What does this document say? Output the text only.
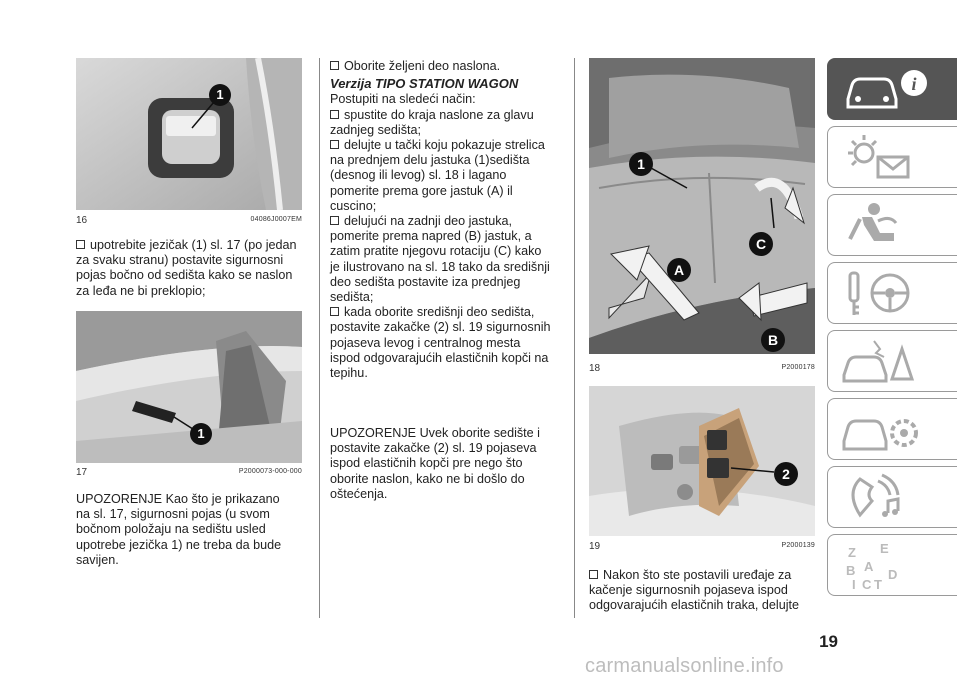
1
16	04086J0007EM
upotrebite jezičak (1) sl. 17 (po jedan
za svaku stranu) postavite sigurnosni
pojas bočno od sedišta kako se naslon
za leđa ne bi preklopio;
1
17	P2000073-000-000
UPOZORENJE Kao što je prikazano
na sl. 17, sigurnosni pojas (u svom
bočnom položaju na sedištu usled
upotrebe jezička 1) ne treba da bude
savijen.
Oborite željeni deo naslona.
Verzija TIPO STATION WAGON
Postupiti na sledeći način:
spustite do kraja naslone za glavu
zadnjeg sedišta;
delujte u tački koju pokazuje strelica
na prednjem delu jastuka (1)sedišta
(desnog ili levog) sl. 18 i lagano
pomerite prema gore jastuk (A) il
cuscino;
delujući na zadnji deo jastuka,
pomerite prema napred (B) jastuk, a
zatim pratite njegovu rotaciju (C) kako
je ilustrovano na sl. 18 tako da središnji
deo sedišta postavite iza prednjeg
sedišta;
kada oborite središnji deo sedišta,
postavite zakačke (2) sl. 19 sigurnosnih
pojaseva levog i centralnog mesta
ispod odgovarajućih elastičnih kopči na
tepihu.
UPOZORENJE Uvek oborite sedište i
postavite zakačke (2) sl. 19 pojaseva
ispod elastičnih kopči pre nego što
oborite naslon, kako ne bi došlo do
oštećenja.
1
C
A
B
18	P2000178
2
19	P2000139
Nakon što ste postavili uređaje za
kačenje sigurnosnih pojaseva ispod
odgovarajućih elastičnih traka, delujte
i
Z E
B A
D
I C T
19
carmanualsonline.info
